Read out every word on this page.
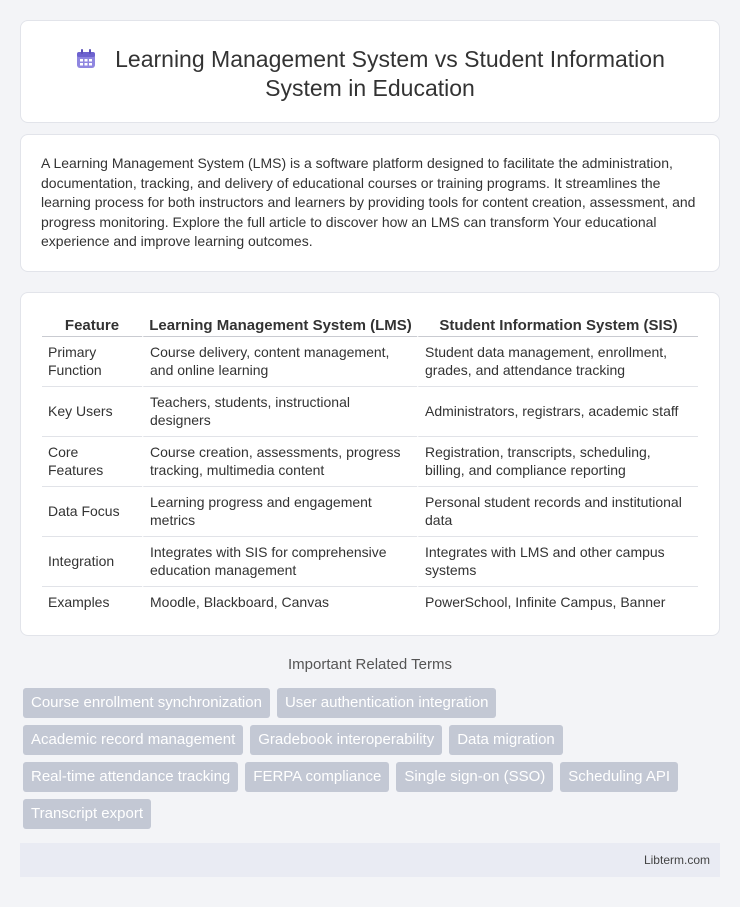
Learning Management System vs Student Information System in Education

A Learning Management System (LMS) is a software platform designed to facilitate the administration, documentation, tracking, and delivery of educational courses or training programs. It streamlines the learning process for both instructors and learners by providing tools for content creation, assessment, and progress monitoring. Explore the full article to discover how an LMS can transform Your educational experience and improve learning outcomes.

Feature	Learning Management System (LMS)	Student Information System (SIS)
Primary Function	Course delivery, content management, and online learning	Student data management, enrollment, grades, and attendance tracking
Key Users	Teachers, students, instructional designers	Administrators, registrars, academic staff
Core Features	Course creation, assessments, progress tracking, multimedia content	Registration, transcripts, scheduling, billing, and compliance reporting
Data Focus	Learning progress and engagement metrics	Personal student records and institutional data
Integration	Integrates with SIS for comprehensive education management	Integrates with LMS and other campus systems
Examples	Moodle, Blackboard, Canvas	PowerSchool, Infinite Campus, Banner
Important Related Terms
Course enrollment synchronization	User authentication integration
Academic record management	Gradebook interoperability	Data migration
Real-time attendance tracking	FERPA compliance	Single sign-on (SSO)	Scheduling API
Transcript export
Libterm.com
